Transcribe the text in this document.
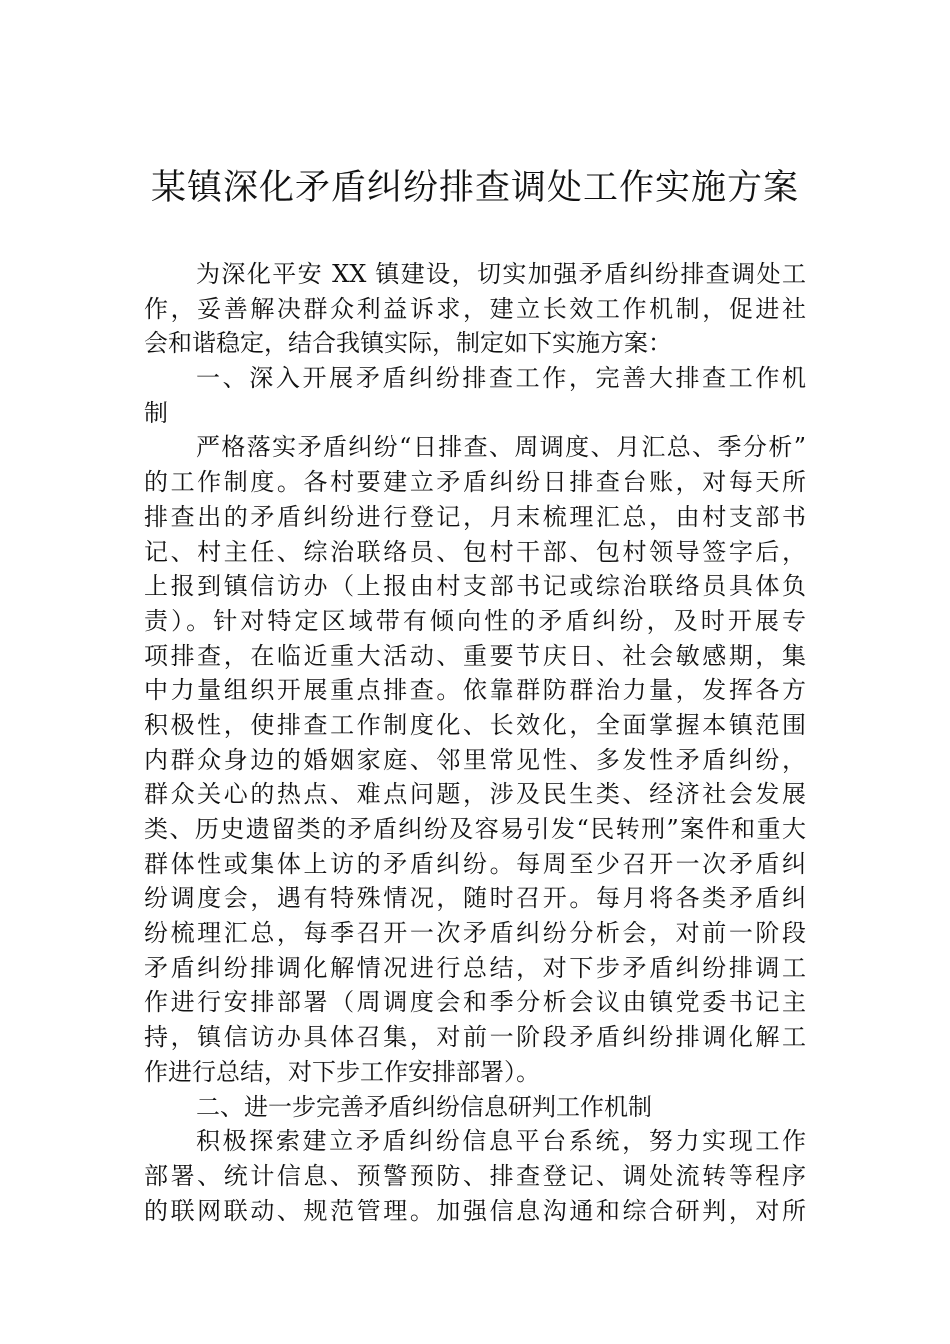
某镇深化矛盾纠纷排查调处工作实施方案
为深化平安 XX 镇建设，切实加强矛盾纠纷排查调处工
作，妥善解决群众利益诉求，建立长效工作机制，促进社
会和谐稳定，结合我镇实际，制定如下实施方案：
一、深入开展矛盾纠纷排查工作，完善大排查工作机
制
严格落实矛盾纠纷“日排查、周调度、月汇总、季分析”
的工作制度。各村要建立矛盾纠纷日排查台账，对每天所
排查出的矛盾纠纷进行登记，月末梳理汇总，由村支部书
记、村主任、综治联络员、包村干部、包村领导签字后，
上报到镇信访办（上报由村支部书记或综治联络员具体负
责）。针对特定区域带有倾向性的矛盾纠纷，及时开展专
项排查，在临近重大活动、重要节庆日、社会敏感期，集
中力量组织开展重点排查。依靠群防群治力量，发挥各方
积极性，使排查工作制度化、长效化，全面掌握本镇范围
内群众身边的婚姻家庭、邻里常见性、多发性矛盾纠纷，
群众关心的热点、难点问题，涉及民生类、经济社会发展
类、历史遗留类的矛盾纠纷及容易引发“民转刑”案件和重大
群体性或集体上访的矛盾纠纷。每周至少召开一次矛盾纠
纷调度会，遇有特殊情况，随时召开。每月将各类矛盾纠
纷梳理汇总，每季召开一次矛盾纠纷分析会，对前一阶段
矛盾纠纷排调化解情况进行总结，对下步矛盾纠纷排调工
作进行安排部署（周调度会和季分析会议由镇党委书记主
持，镇信访办具体召集，对前一阶段矛盾纠纷排调化解工
作进行总结，对下步工作安排部署）。
二、进一步完善矛盾纠纷信息研判工作机制
积极探索建立矛盾纠纷信息平台系统，努力实现工作
部署、统计信息、预警预防、排查登记、调处流转等程序
的联网联动、规范管理。加强信息沟通和综合研判，对所
